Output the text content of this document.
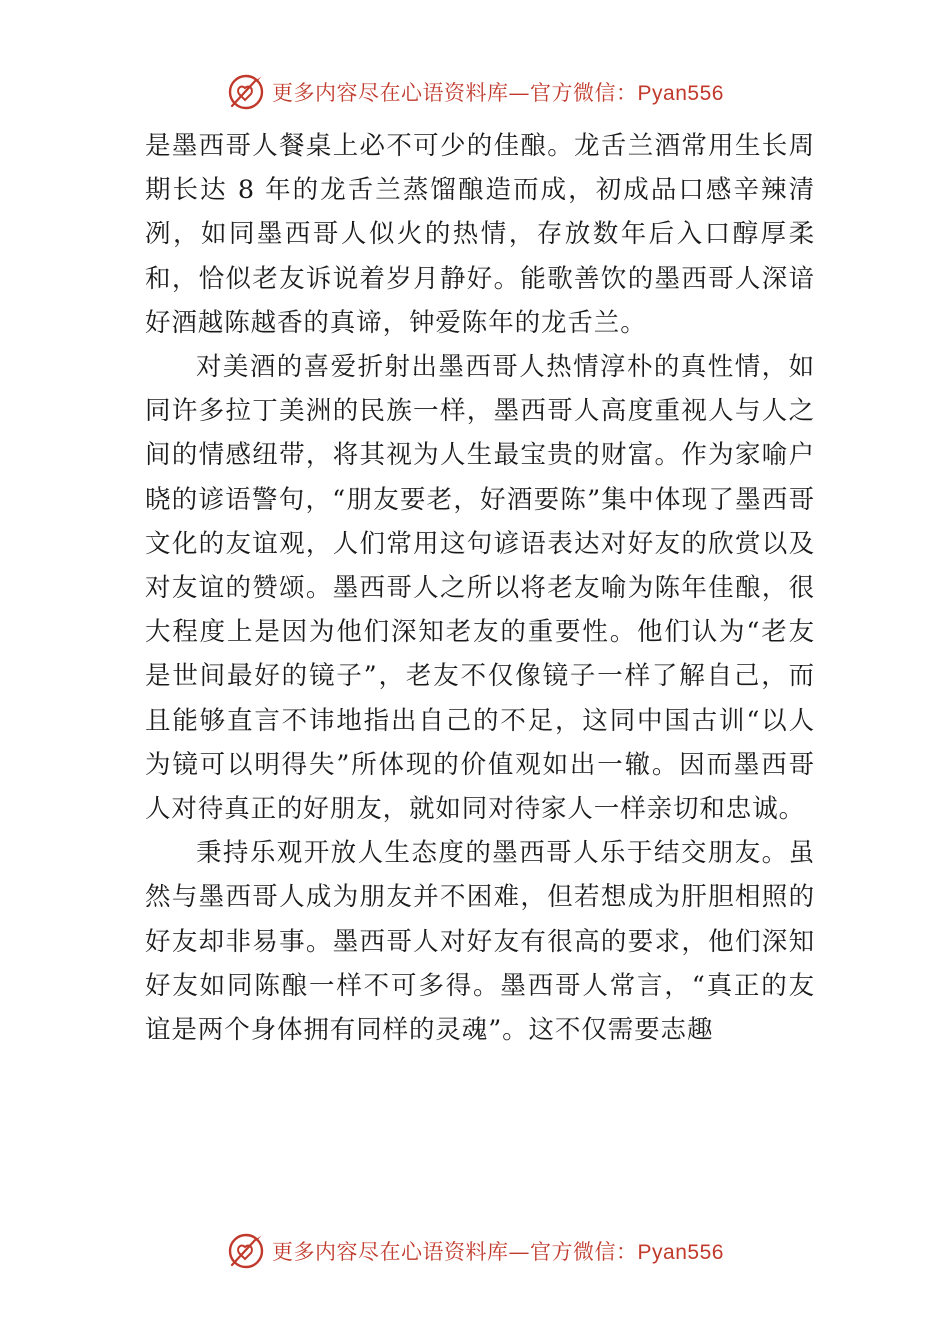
更多内容尽在心语资料库—官方微信：Pyan556

是墨西哥人餐桌上必不可少的佳酿。龙舌兰酒常用生长周期长达 8 年的龙舌兰蒸馏酿造而成，初成品口感辛辣清冽，如同墨西哥人似火的热情，存放数年后入口醇厚柔和，恰似老友诉说着岁月静好。能歌善饮的墨西哥人深谙好酒越陈越香的真谛，钟爱陈年的龙舌兰。

对美酒的喜爱折射出墨西哥人热情淳朴的真性情，如同许多拉丁美洲的民族一样，墨西哥人高度重视人与人之间的情感纽带，将其视为人生最宝贵的财富。作为家喻户晓的谚语警句，“朋友要老，好酒要陈”集中体现了墨西哥文化的友谊观，人们常用这句谚语表达对好友的欣赏以及对友谊的赞颂。墨西哥人之所以将老友喻为陈年佳酿，很大程度上是因为他们深知老友的重要性。他们认为“老友是世间最好的镜子”，老友不仅像镜子一样了解自己，而且能够直言不讳地指出自己的不足，这同中国古训“以人为镜可以明得失”所体现的价值观如出一辙。因而墨西哥人对待真正的好朋友，就如同对待家人一样亲切和忠诚。

秉持乐观开放人生态度的墨西哥人乐于结交朋友。虽然与墨西哥人成为朋友并不困难，但若想成为肝胆相照的好友却非易事。墨西哥人对好友有很高的要求，他们深知好友如同陈酿一样不可多得。墨西哥人常言，“真正的友谊是两个身体拥有同样的灵魂”。这不仅需要志趣

更多内容尽在心语资料库—官方微信：Pyan556
